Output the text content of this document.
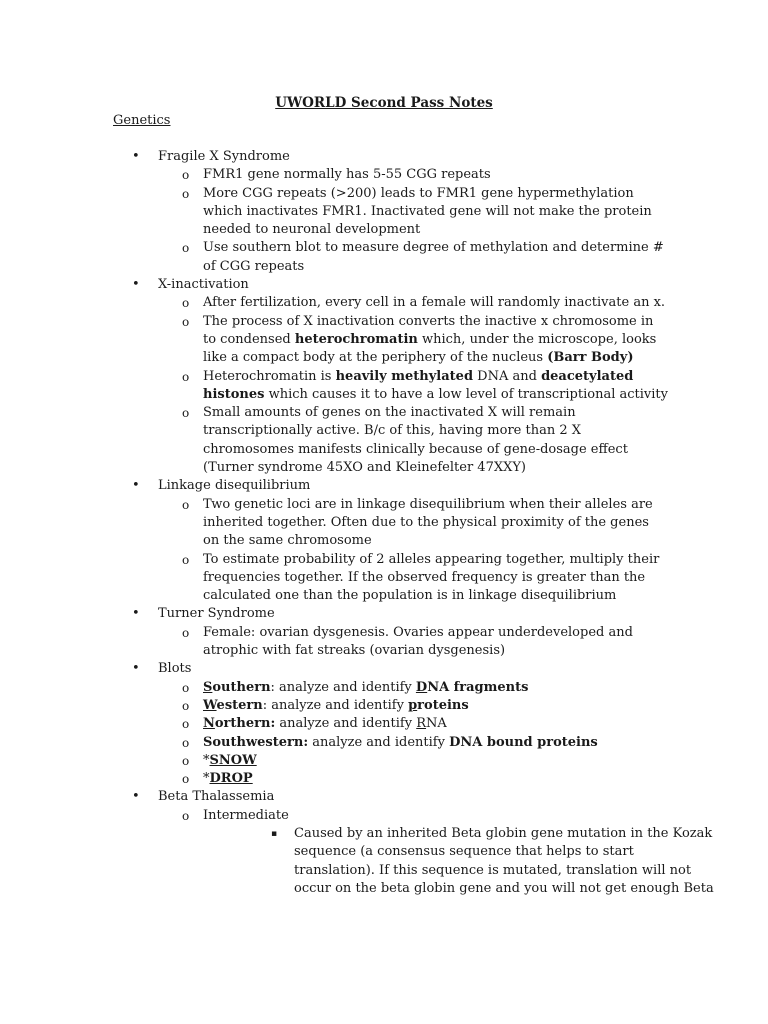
UWORLD Second Pass Notes
Genetics
• Fragile X Syndrome
o FMR1 gene normally has 5-55 CGG repeats
o More CGG repeats (>200) leads to FMR1 gene hypermethylation which inactivates FMR1. Inactivated gene will not make the protein needed to neuronal development
o Use southern blot to measure degree of methylation and determine # of CGG repeats
• X-inactivation
o After fertilization, every cell in a female will randomly inactivate an x.
o The process of X inactivation converts the inactive x chromosome in to condensed heterochromatin which, under the microscope, looks like a compact body at the periphery of the nucleus (Barr Body)
o Heterochromatin is heavily methylated DNA and deacetylated histones which causes it to have a low level of transcriptional activity
o Small amounts of genes on the inactivated X will remain transcriptionally active. B/c of this, having more than 2 X chromosomes manifests clinically because of gene-dosage effect (Turner syndrome 45XO and Kleinefelter 47XXY)
• Linkage disequilibrium
o Two genetic loci are in linkage disequilibrium when their alleles are inherited together. Often due to the physical proximity of the genes on the same chromosome
o To estimate probability of 2 alleles appearing together, multiply their frequencies together. If the observed frequency is greater than the calculated one than the population is in linkage disequilibrium
• Turner Syndrome
o Female: ovarian dysgenesis. Ovaries appear underdeveloped and atrophic with fat streaks (ovarian dysgenesis)
• Blots
o Southern: analyze and identify DNA fragments
o Western: analyze and identify proteins
o Northern: analyze and identify RNA
o Southwestern: analyze and identify DNA bound proteins
o *SNOW
o *DROP
• Beta Thalassemia
o Intermediate
▪ Caused by an inherited Beta globin gene mutation in the Kozak sequence (a consensus sequence that helps to start translation). If this sequence is mutated, translation will not occur on the beta globin gene and you will not get enough Beta
